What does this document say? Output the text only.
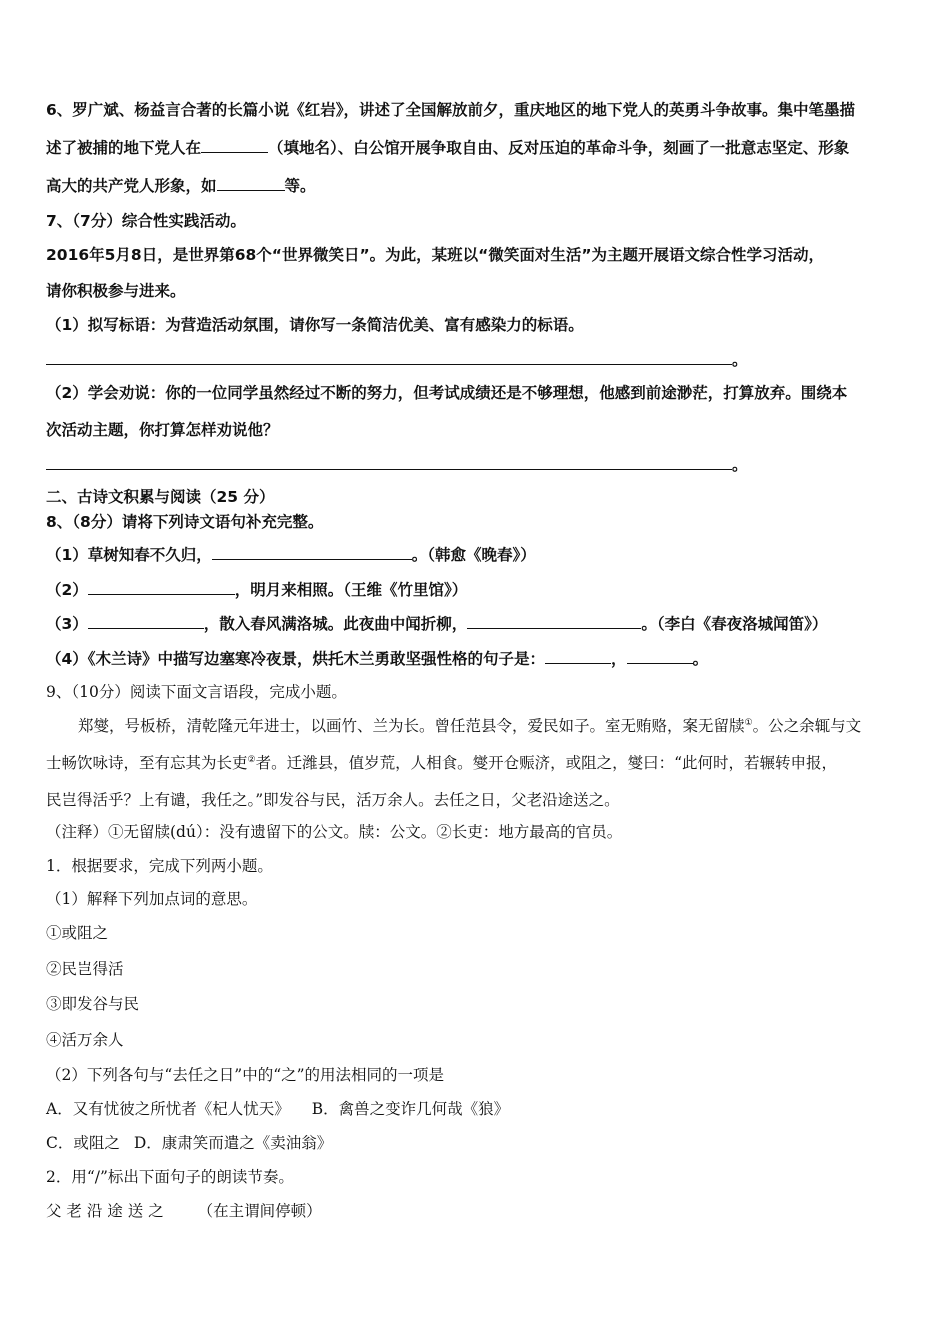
6、罗广斌、杨益言合著的长篇小说《红岩》，讲述了全国解放前夕，重庆地区的地下党人的英勇斗争故事。集中笔墨描
述了被捕的地下党人在	（填地名）、白公馆开展争取自由、反对压迫的革命斗争，刻画了一批意志坚定、形象
高大的共产党人形象，如	等。
7、（7分）综合性实践活动。
2016年5月8日，是世界第68个“世界微笑日”。为此，某班以“微笑面对生活”为主题开展语文综合性学习活动，
请你积极参与进来。
（1）拟写标语：为营造活动氛围，请你写一条简洁优美、富有感染力的标语。
。
（2）学会劝说：你的一位同学虽然经过不断的努力，但考试成绩还是不够理想，他感到前途渺茫，打算放弃。围绕本
次活动主题，你打算怎样劝说他？
。
二、古诗文积累与阅读（25 分）
8、（8分）请将下列诗文语句补充完整。
（1）草树知春不久归，	。（韩愈《晚春》）
（2）	，明月来相照。（王维《竹里馆》）
（3）	，散入春风满洛城。此夜曲中闻折柳，	。（李白《春夜洛城闻笛》）
（4）《木兰诗》中描写边塞寒冷夜景，烘托木兰勇敢坚强性格的句子是：	，	。
9、（10分）阅读下面文言语段，完成小题。
郑燮，号板桥，清乾隆元年进士，以画竹、兰为长。曾任范县令，爱民如子。室无贿赂，案无留牍①。公之余辄与文
士畅饮咏诗，至有忘其为长吏②者。迁潍县，值岁荒，人相食。燮开仓赈济，或阻之，燮曰：“此何时，若辗转申报，
民岂得活乎？上有谴，我任之。”即发谷与民，活万余人。去任之日，父老沿途送之。
（注释）①无留牍(dú）：没有遗留下的公文。牍：公文。②长吏：地方最高的官员。
1．根据要求，完成下列两小题。
（1）解释下列加点词的意思。
①或阻之
②民岂得活
③即发谷与民
④活万余人
（2）下列各句与“去任之日”中的“之”的用法相同的一项是
A．又有忧彼之所忧者《杞人忧天》 B．禽兽之变诈几何哉《狼》
C．或阻之 D．康肃笑而遣之《卖油翁》
2．用“/”标出下面句子的朗读节奏。
父 老 沿 途 送 之 （在主谓间停顿）
